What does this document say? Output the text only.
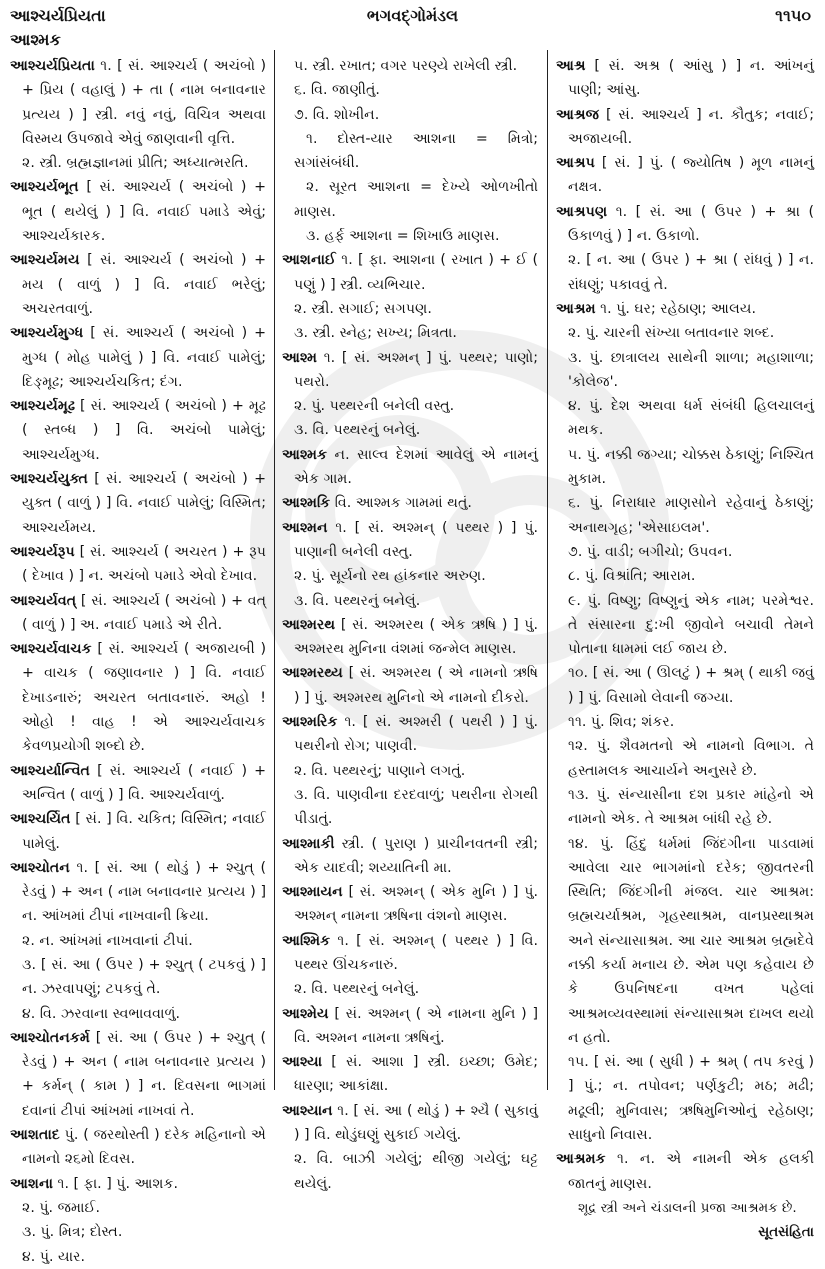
આશ્ચર્યપ્રિયતા
આશ્મક
ભગવદ્ગોમંડલ	૧૧૫૦

આશ્ચર્યપ્રિયતા ૧. [ સં. આશ્ચર્ય ( અચંબો ) + પ્રિય ( વહાલું ) + તા ( નામ બનાવનાર પ્રત્યય ) ] સ્ત્રી. નવું નવું, વિચિત્ર અથવા વિસ્મય ઉપજાવે એવું જાણવાની વૃત્તિ.

૨. સ્ત્રી. બ્રહ્મજ્ઞાનમાં પ્રીતિ; અધ્યાત્મરતિ.

આશ્ચર્યભૂત [ સં. આશ્ચર્ય ( અચંબો ) + ભૂત ( થયેલું ) ] વિ. નવાઈ પમાડે એવું; આશ્ચર્યકારક.

આશ્ચર્યમય [ સં. આશ્ચર્ય ( અચંબો ) + મય ( વાળું ) ] વિ. નવાઈ ભરેલું; અચરતવાળું.

આશ્ચર્યમુગ્ધ [ સં. આશ્ચર્ય ( અચંબો ) + મુગ્ધ ( મોહ પામેલું ) ] વિ. નવાઈ પામેલું; દિઙ્મૂઢ; આશ્ચર્યચકિત; દંગ.

આશ્ચર્યમૂઢ [ સં. આશ્ચર્ય ( અચંબો ) + મૂઢ ( સ્તબ્ધ ) ] વિ. અચંબો પામેલું; આશ્ચર્યમુગ્ધ.

આશ્ચર્યયુક્ત [ સં. આશ્ચર્ય ( અચંબો ) + યુક્ત ( વાળું ) ] વિ. નવાઈ પામેલું; વિસ્મિત; આશ્ચર્યમય.

આશ્ચર્યરૂપ [ સં. આશ્ચર્ય ( અચરત ) + રૂપ ( દેખાવ ) ] ન. અચંબો પમાડે એવો દેખાવ.

આશ્ચર્યવત્ [ સં. આશ્ચર્ય ( અચંબો ) + વત્ ( વાળું ) ] અ. નવાઈ પમાડે એ રીતે.

આશ્ચર્યવાચક [ સં. આશ્ચર્ય ( અજાયબી ) + વાચક ( જણાવનાર ) ] વિ. નવાઈ દેખાડનારું; અચરત બતાવનારું. અહો ! ઓહો ! વાહ ! એ આશ્ચર્યવાચક કેવળપ્રયોગી શબ્દો છે.

આશ્ચર્યાન્વિત [ સં. આશ્ચર્ય ( નવાઈ ) + અન્વિત ( વાળું ) ] વિ. આશ્ચર્યવાળું.

આશ્ચર્યિત [ સં. ] વિ. ચકિત; વિસ્મિત; નવાઈ પામેલું.

આશ્ચોતન ૧. [ સં. આ ( થોડું ) + શ્ચુત્ ( રેડવું ) + અન ( નામ બનાવનાર પ્રત્યય ) ] ન. આંખમાં ટીપાં નાખવાની ક્રિયા.

૨. ન. આંખમાં નાખવાનાં ટીપાં.

૩. [ સં. આ ( ઉપર ) + શ્ચુત્ ( ટપકવું ) ] ન. ઝરવાપણું; ટપકવું તે.

૪. વિ. ઝરવાના સ્વભાવવાળું.

આશ્ચોતનકર્મ [ સં. આ ( ઉપર ) + શ્ચુત્ ( રેડવું ) + અન ( નામ બનાવનાર પ્રત્યય ) + કર્મન્ ( કામ ) ] ન. દિવસના ભાગમાં દવાનાં ટીપાં આંખમાં નાખવાં તે.

આશતાદ પું. ( જરથોસ્તી ) દરેક મહિનાનો એ નામનો ૨૬મો દિવસ.

આશના ૧. [ ફા. ] પું. આશક.

૨. પું. જમાઈ.

૩. પું. મિત્ર; દોસ્ત.

૪. પું. યાર.

૫. સ્ત્રી. રખાત; વગર પરણ્યે રાખેલી સ્ત્રી.

૬. વિ. જાણીતું.

૭. વિ. શોખીન.

૧. દોસ્ત-યાર આશના = મિત્રો; સગાંસંબંધી.

૨. સૂરત આશના = દેખ્યે ઓળખીતો માણસ.

૩. હર્ફ આશના = શિખાઉ માણસ.

આશનાઈ ૧. [ ફા. આશના ( રખાત ) + ઈ ( પણું ) ] સ્ત્રી. વ્યભિચાર.

૨. સ્ત્રી. સગાઈ; સગપણ.

૩. સ્ત્રી. સ્નેહ; સખ્ય; મિત્રતા.

આશ્મ ૧. [ સં. અશ્મન્ ] પું. પથ્થર; પાણો; પથરો.

૨. પું. પથ્થરની બનેલી વસ્તુ.

૩. વિ. પથ્થરનું બનેલું.

આશ્મક ન. સાલ્વ દેશમાં આવેલું એ નામનું એક ગામ.

આશ્મકિ વિ. આશ્મક ગામમાં થતું.

આશ્મન ૧. [ સં. અશ્મન્ ( પથ્થર ) ] પું. પાણાની બનેલી વસ્તુ.

૨. પું. સૂર્યનો રથ હાંકનાર અરુણ.

૩. વિ. પથ્થરનું બનેલું.

આશ્મરથ [ સં. અશ્મરથ ( એક ઋષિ ) ] પું. અશ્મરથ મુનિના વંશમાં જન્મેલ માણસ.

આશ્મરથ્ય [ સં. અશ્મરથ ( એ નામનો ઋષિ ) ] પું. અશ્મરથ મુનિનો એ નામનો દીકરો.

આશ્મરિક ૧. [ સં. અશ્મરી ( પથરી ) ] પું. પથરીનો રોગ; પાણવી.

૨. વિ. પથ્થરનું; પાણાને લગતું.

૩. વિ. પાણવીના દરદવાળું; પથરીના રોગથી પીડાતું.

આશ્માકી સ્ત્રી. ( પુરાણ ) પ્રાચીનવતની સ્ત્રી; એક યાદવી; શય્યાતિની મા.

આશ્માયન [ સં. અશ્મન્ ( એક મુનિ ) ] પું. અશ્મન્ નામના ઋષિના વંશનો માણસ.

આશ્મિક ૧. [ સં. અશ્મન્ ( પથ્થર ) ] વિ. પથ્થર ઊંચકનારું.

૨. વિ. પથ્થરનું બનેલું.

આશ્મેય [ સં. અશ્મન્ ( એ નામના મુનિ ) ] વિ. અશ્મન નામના ઋષિનું.

આશ્યા [ સં. આશા ] સ્ત્રી. ઇચ્છા; ઉમેદ; ધારણા; આકાંક્ષા.

આશ્યાન ૧. [ સં. આ ( થોડું ) + શ્યૈ ( સુકાવું ) ] વિ. થોડુંઘણું સુકાઈ ગયેલું.

૨. વિ. બાઝી ગયેલું; થીજી ગયેલું; ઘટ્ટ થયેલું.

આશ્ર [ સં. અશ્ર ( આંસુ ) ] ન. આંખનું પાણી; આંસુ.

આશ્રજ [ સં. આશ્ચર્ય ] ન. કૌતુક; નવાઈ; અજાયબી.

આશ્રપ [ સં. ] પું. ( જ્યોતિષ ) મૂળ નામનું નક્ષત્ર.

આશ્રપણ ૧. [ સં. આ ( ઉપર ) + શ્રા ( ઉકાળવું ) ] ન. ઉકાળો.

૨. [ ન. આ ( ઉપર ) + શ્રા ( રાંધવું ) ] ન. રાંધણું; પકાવવું તે.

આશ્રમ ૧. પું. ઘર; રહેઠાણ; આલય.

૨. પું. ચારની સંખ્યા બતાવનાર શબ્દ.

૩. પું. છાત્રાલય સાથેની શાળા; મહાશાળા; 'કોલેજ'.

૪. પું. દેશ અથવા ધર્મ સંબંધી હિલચાલનું મથક.

૫. પું. નક્કી જગ્યા; ચોક્કસ ઠેકાણું; નિશ્ચિત મુકામ.

૬. પું. નિરાધાર માણસોને રહેવાનું ઠેકાણું; અનાથગૃહ; 'એસાઇલમ'.

૭. પું. વાડી; બગીચો; ઉપવન.

૮. પું. વિશ્રાંતિ; આરામ.

૯. પું. વિષ્ણુ; વિષ્ણુનું એક નામ; પરમેશ્વર. તે સંસારના દુ:ખી જીવોને બચાવી તેમને પોતાના ધામમાં લઈ જાય છે.

૧૦. [ સં. આ ( ઊલટું ) + શ્રમ્ ( થાકી જવું ) ] પું. વિસામો લેવાની જગ્યા.

૧૧. પું. શિવ; શંકર.

૧૨. પું. શૈવમતનો એ નામનો વિભાગ. તે હસ્તામલક આચાર્યને અનુસરે છે.

૧૩. પું. સંન્યાસીના દશ પ્રકાર માંહેનો એ નામનો એક. તે આશ્રમ બાંધી રહે છે.

૧૪. પું. હિંદુ ધર્મમાં જિંદગીના પાડવામાં આવેલા ચાર ભાગમાંનો દરેક; જીવતરની સ્થિતિ; જિંદગીની મંજલ. ચાર આશ્રમ: બ્રહ્મચર્યાશ્રમ, ગૃહસ્થાશ્રમ, વાનપ્રસ્થાશ્રમ અને સંન્યાસાશ્રમ. આ ચાર આશ્રમ બ્રહ્મદેવે નક્કી કર્યા મનાય છે. એમ પણ કહેવાય છે કે ઉપનિષદના વખત પહેલાં આશ્રમવ્યવસ્થામાં સંન્યાસાશ્રમ દાખલ થયો ન હતો.

૧૫. [ સં. આ ( સુધી ) + શ્રમ્ ( તપ કરવું ) ] પું.; ન. તપોવન; પર્ણકુટી; મઠ; મઢી; મઢૂલી; મુનિવાસ; ઋષિમુનિઓનું રહેઠાણ; સાધુનો નિવાસ.

આશ્રમક ૧. ન. એ નામની એક હલકી જાતનું માણસ.

શૂદ્ર સ્ત્રી અને ચંડાલની પ્રજા આશ્રમક છે.

સૂતસંહિતા
